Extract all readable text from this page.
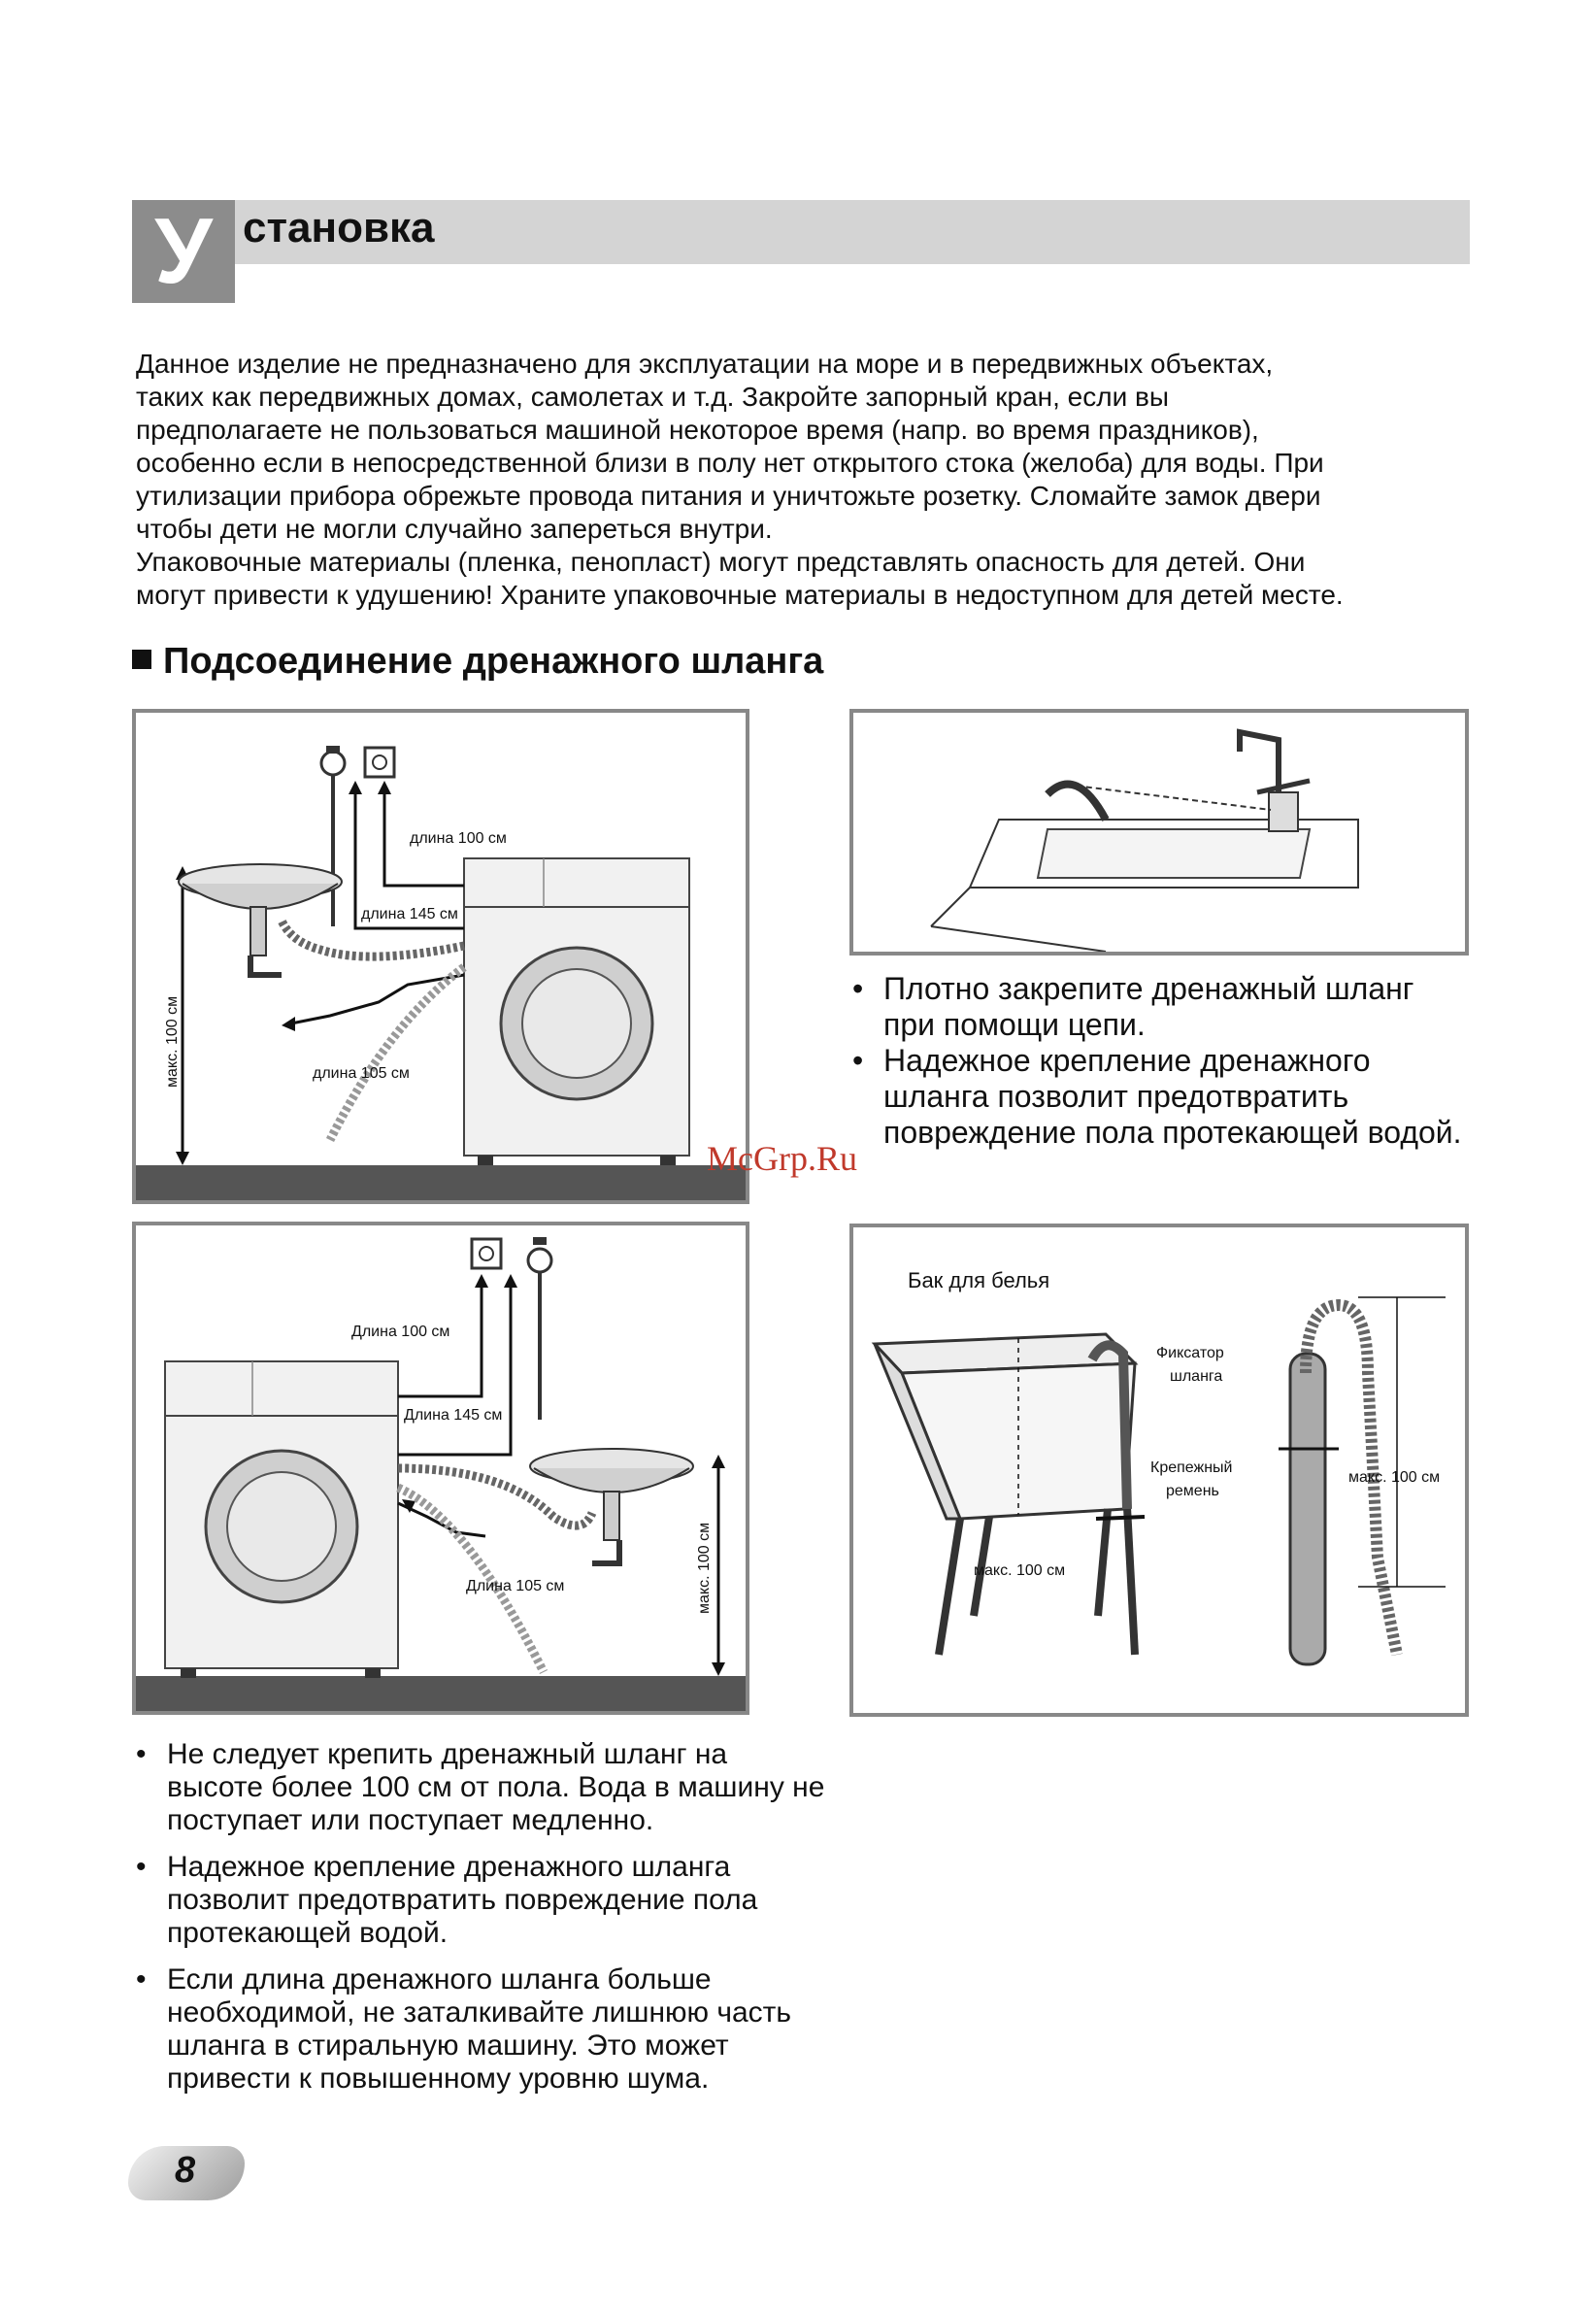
У становка

Данное изделие не предназначено для эксплуатации на море и в передвижных объектах,

таких как передвижных домах, самолетах и т.д. Закройте запорный кран, если вы

предполагаете не пользоваться машиной некоторое время (напр. во время праздников),

особенно если в непосредственной близи в полу нет открытого стока (желоба) для воды. При

утилизации прибора обрежьте провода питания и уничтожьте розетку. Сломайте замок двери

чтобы дети не могли случайно запереться внутри.

Упаковочные материалы (пленка, пенопласт) могут представлять опасность для детей. Они

могут привести к удушению! Храните упаковочные материалы в недоступном для детей месте.

Подсоединение дренажного шланга
длина 100 см
длина 145 см
длина 105 см
макс. 100 см
McGrp.Ru
• Плотно закрепите дренажный шланг при помощи цепи.
• Надежное крепление дренажного шланга позволит предотвратить повреждение пола протекающей водой.
Длина 100 см
Длина 145 см
Длина 105 см	макс. 100 см
Бак для белья
макс. 100 см
Фиксатор
шланга
Крепежный
ремень
макс. 100 см
• Не следует крепить дренажный шланг на высоте более 100 см от пола. Вода в машину не поступает или поступает медленно.
• Надежное крепление дренажного шланга позволит предотвратить повреждение пола протекающей водой.
• Если длина дренажного шланга больше необходимой, не заталкивайте лишнюю часть шланга в стиральную машину. Это может привести к повышенному уровню шума.
8
